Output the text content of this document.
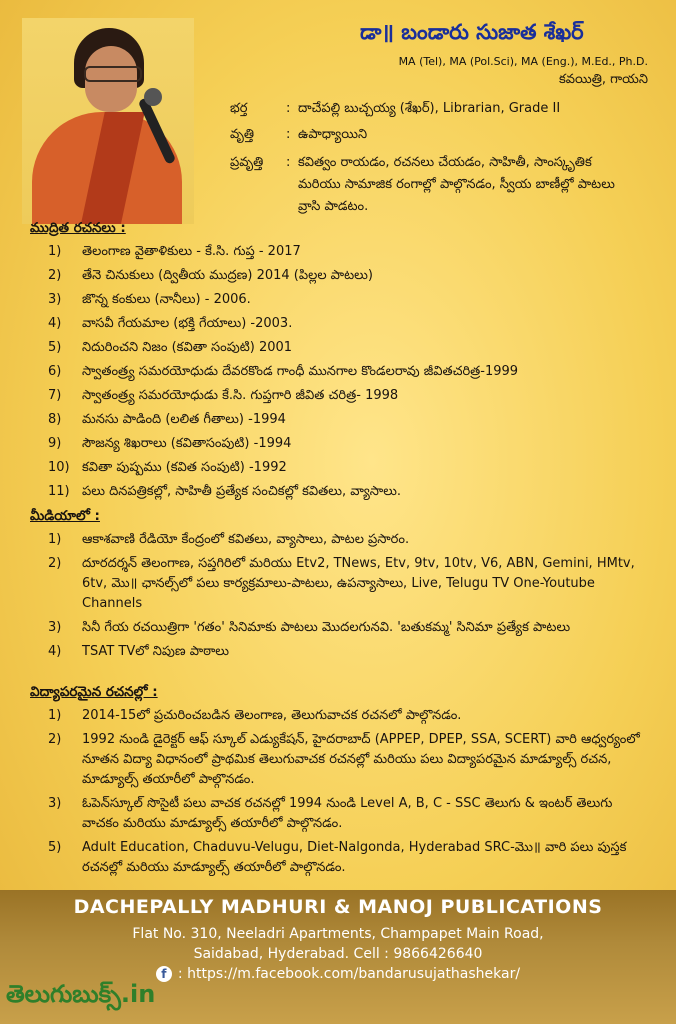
డా॥ బండారు సుజాత శేఖర్
MA (Tel), MA (Pol.Sci), MA (Eng.), M.Ed., Ph.D.
కవయిత్రి, గాయని
భర్త	: దాచేపల్లి బుచ్చయ్య (శేఖర్), Librarian, Grade II
వృత్తి	: ఉపాధ్యాయిని
ప్రవృత్తి	: కవిత్వం రాయడం, రచనలు చేయడం, సాహితీ, సాంస్కృతిక మరియు సామాజిక రంగాల్లో పాల్గొనడం, స్వీయ బాణీల్లో పాటలు వ్రాసి పాడటం.
ముద్రిత రచనలు :
1) తెలంగాణ వైతాళికులు - కే.సి. గుప్త - 2017
2) తేనె చినుకులు (ద్వితీయ ముద్రణ) 2014 (పిల్లల పాటలు)
3) జొన్న కంకులు (నానీలు) - 2006.
4) వాసవీ గేయమాల (భక్తి గేయాలు) -2003.
5) నిదురించని నిజం (కవితా సంపుటి) 2001
6) స్వాతంత్ర్య సమరయోధుడు దేవరకొండ గాంధీ మునగాల కొండలరావు జీవితచరిత్ర-1999
7) స్వాతంత్ర్య సమరయోధుడు కే.సి. గుప్తగారి జీవిత చరిత్ర- 1998
8) మనసు పాడింది (లలిత గీతాలు) -1994
9) సౌజన్య శిఖరాలు (కవితాసంపుటి) -1994
10) కవితా పుష్పము (కవిత సంపుటి) -1992
11) పలు దినపత్రికల్లో, సాహితీ ప్రత్యేక సంచికల్లో కవితలు, వ్యాసాలు.
మీడియాలో :
1) ఆకాశవాణి రేడియో కేంద్రంలో కవితలు, వ్యాసాలు, పాటల ప్రసారం.
2) దూరదర్శన్ తెలంగాణ, సప్తగిరిలో మరియు Etv2, TNews, Etv, 9tv, 10tv, V6, ABN, Gemini, HMtv, 6tv, మొ॥ ఛానల్స్‌లో పలు కార్యక్రమాలు-పాటలు, ఉపన్యాసాలు, Live, Telugu TV One-Youtube Channels
3) సినీ గేయ రచయిత్రిగా 'గతం' సినిమాకు పాటలు మొదలగునవి. 'బతుకమ్మ' సినిమా ప్రత్యేక పాటలు
4) TSAT TVలో నిపుణ పాఠాలు
విద్యాపరమైన రచనల్లో :
1) 2014-15లో ప్రచురించబడిన తెలంగాణ, తెలుగువాచక రచనలో పాల్గొనడం.
2) 1992 నుండి డైరెక్టర్ ఆఫ్ స్కూల్ ఎడ్యుకేషన్, హైదరాబాద్ (APPEP, DPEP, SSA, SCERT) వారి ఆధ్వర్యంలో నూతన విద్యా విధానంలో ప్రాథమిక తెలుగువాచక రచనల్లో మరియు పలు విద్యాపరమైన మాడ్యూల్స్ రచన, మాడ్యూల్స్ తయారీలో పాల్గొనడం.
3) ఓపెన్‌స్కూల్ సొసైటీ పలు వాచక రచనల్లో 1994 నుండి Level A, B, C - SSC తెలుగు & ఇంటర్ తెలుగు వాచకం మరియు మాడ్యూల్స్ తయారీలో పాల్గొనడం.
5) Adult Education, Chaduvu-Velugu, Diet-Nalgonda, Hyderabad SRC-మొ॥ వారి పలు పుస్తక రచనల్లో మరియు మాడ్యూల్స్ తయారీలో పాల్గొనడం.
DACHEPALLY MADHURI & MANOJ PUBLICATIONS
Flat No. 310, Neeladri Apartments, Champapet Main Road,
Saidabad, Hyderabad. Cell : 9866426640
f : https://m.facebook.com/bandarusujathashekar/
తెలుగుబుక్స్.in
